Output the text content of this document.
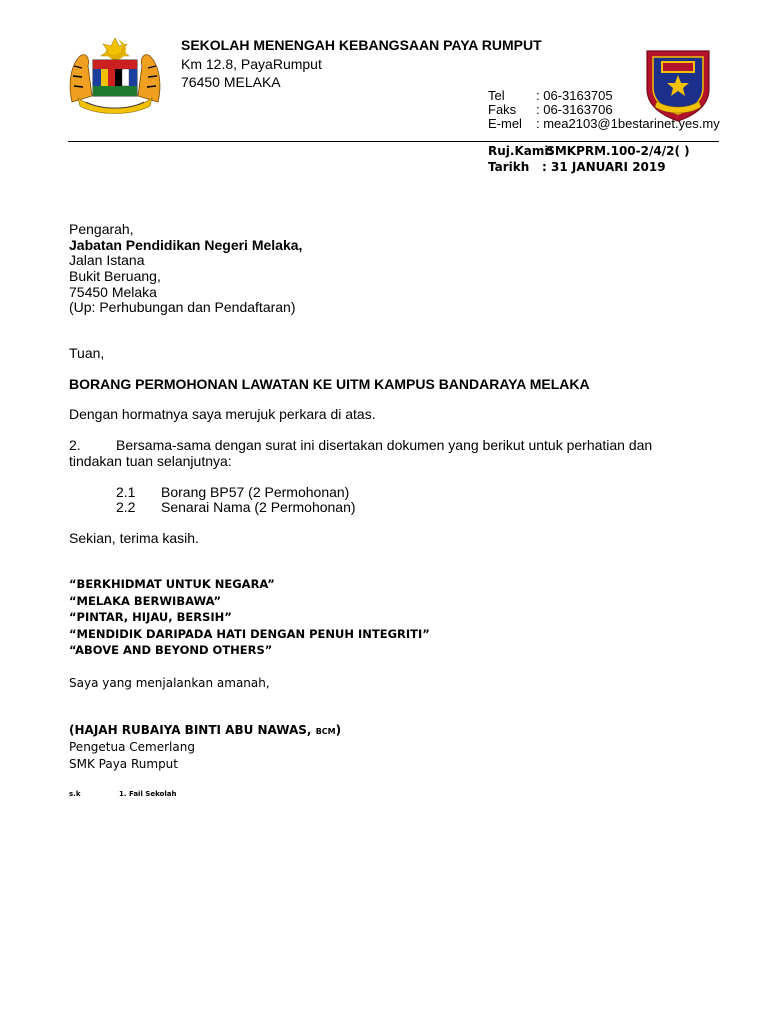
SEKOLAH MENENGAH KEBANGSAAN PAYA RUMPUT
Km 12.8, PayaRumput
76450 MELAKA
Tel : 06-3163705
Faks : 06-3163706
E-mel : mea2103@1bestarinet.yes.my
Ruj.Kami: SMKPRM.100-2/4/2( )
Tarikh : 31 JANUARI 2019
Pengarah,
Jabatan Pendidikan Negeri Melaka,
Jalan Istana
Bukit Beruang,
75450 Melaka
(Up: Perhubungan dan Pendaftaran)
Tuan,
BORANG PERMOHONAN LAWATAN KE UITM KAMPUS BANDARAYA MELAKA
Dengan hormatnya saya merujuk perkara di atas.
2.	Bersama-sama dengan surat ini disertakan dokumen yang berikut untuk perhatian dan
tindakan tuan selanjutnya:
2.1 Borang BP57 (2 Permohonan)
2.2 Senarai Nama (2 Permohonan)
Sekian, terima kasih.
“BERKHIDMAT UNTUK NEGARA”
“MELAKA BERWIBAWA”
“PINTAR, HIJAU, BERSIH”
“MENDIDIK DARIPADA HATI DENGAN PENUH INTEGRITI”
“ABOVE AND BEYOND OTHERS”
Saya yang menjalankan amanah,
(HAJAH RUBAIYA BINTI ABU NAWAS, BCM)
Pengetua Cemerlang
SMK Paya Rumput
s.k	1. Fail Sekolah
